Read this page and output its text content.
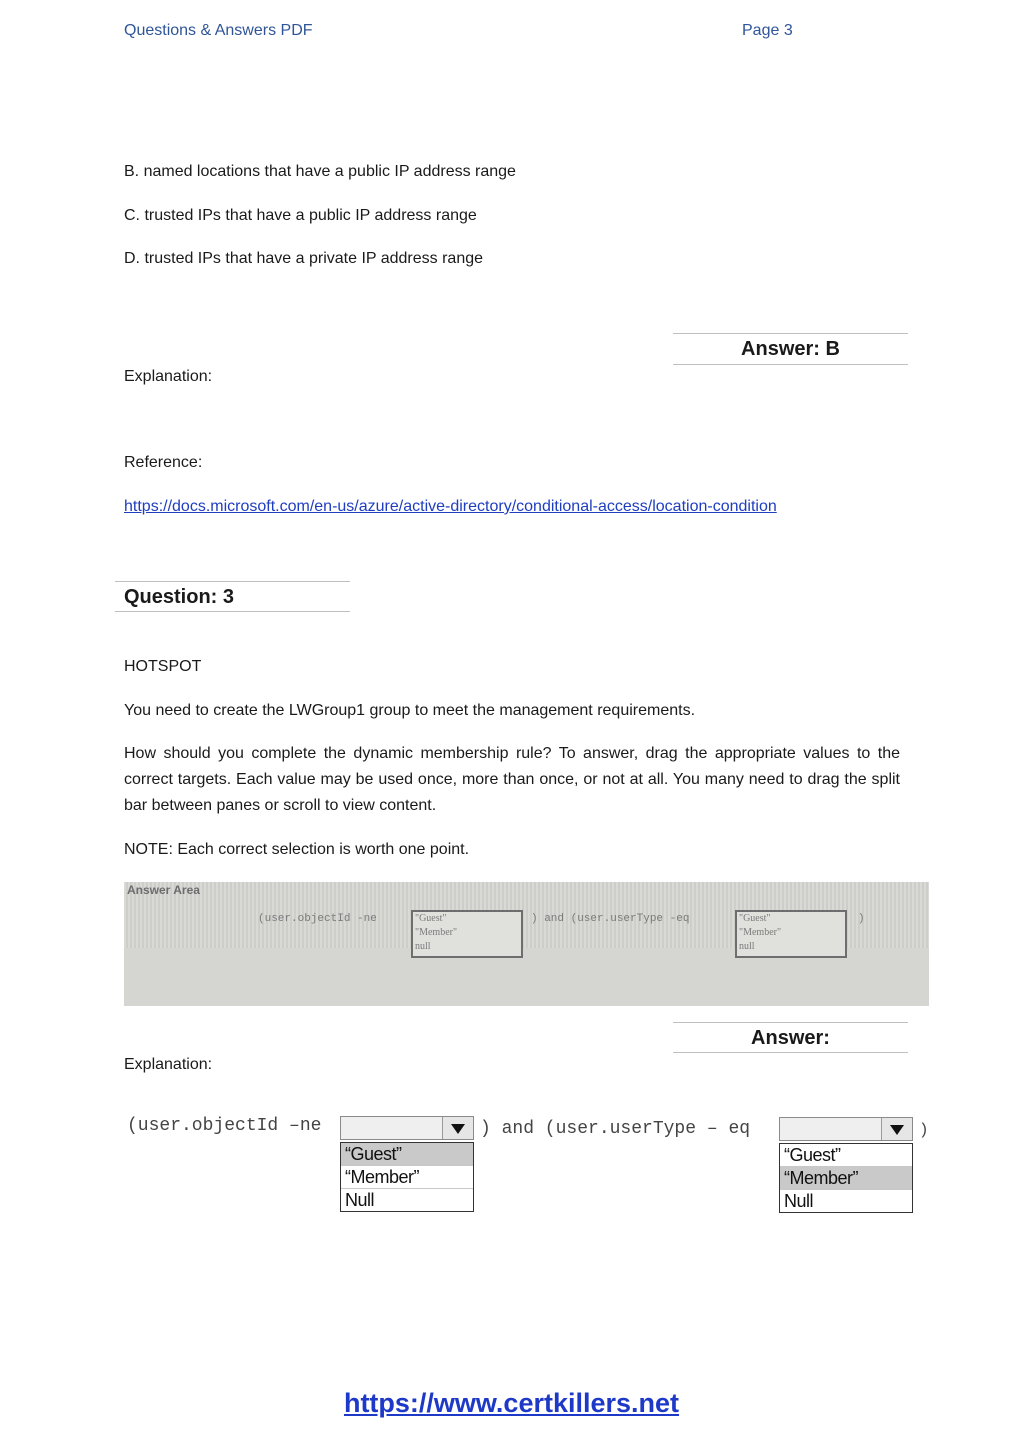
Questions & Answers PDF	Page 3
B. named locations that have a public IP address range
C. trusted IPs that have a public IP address range
D. trusted IPs that have a private IP address range
Answer: B
Explanation:
Reference:
https://docs.microsoft.com/en-us/azure/active-directory/conditional-access/location-condition
Question: 3
HOTSPOT
You need to create the LWGroup1 group to meet the management requirements.
How should you complete the dynamic membership rule? To answer, drag the appropriate values to the correct targets. Each value may be used once, more than once, or not at all. You many need to drag the split bar between panes or scroll to view content.
NOTE: Each correct selection is worth one point.
Answer Area
(user.objectId -ne	"Guest"
"Member"
null
) and (user.userType -eq	"Guest"
"Member"
null
)
Answer:
Explanation:
(user.objectId –ne
“Guest”
“Member”
Null
) and (user.userType – eq
“Guest”
“Member”
Null
)
https://www.certkillers.net
